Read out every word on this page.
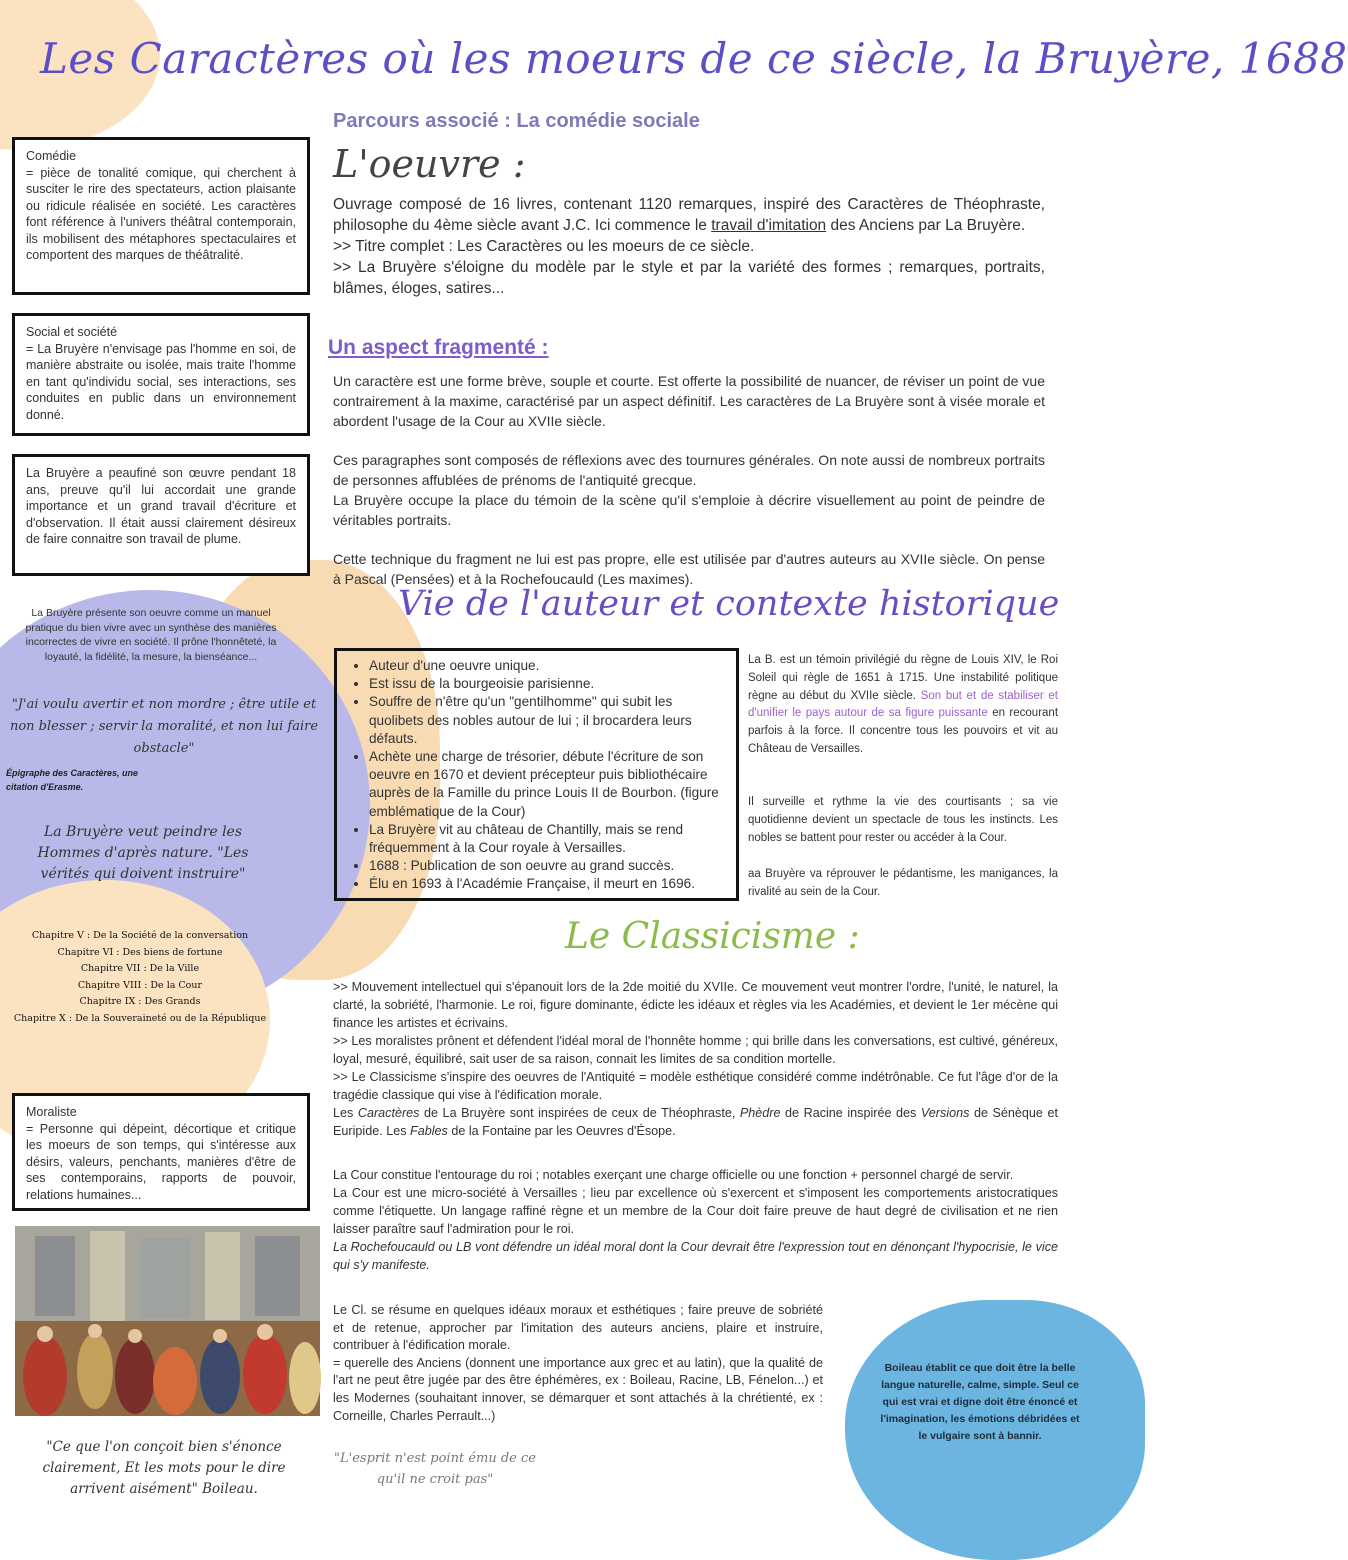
Les Caractères où les moeurs de ce siècle, la Bruyère, 1688
Parcours associé : La comédie sociale
L'oeuvre :
Ouvrage composé de 16 livres, contenant 1120 remarques, inspiré des Caractères de Théophraste, philosophe du 4ème siècle avant J.C. Ici commence le travail d'imitation des Anciens par La Bruyère.
>> Titre complet : Les Caractères ou les moeurs de ce siècle.
>> La Bruyère s'éloigne du modèle par le style et par la variété des formes ; remarques, portraits, blâmes, éloges, satires...
Un aspect fragmenté :
Un caractère est une forme brève, souple et courte. Est offerte la possibilité de nuancer, de réviser un point de vue contrairement à la maxime, caractérisé par un aspect définitif. Les caractères de La Bruyère sont à visée morale et abordent l'usage de la Cour au XVIIe siècle.
Ces paragraphes sont composés de réflexions avec des tournures générales. On note aussi de nombreux portraits de personnes affublées de prénoms de l'antiquité grecque.
La Bruyère occupe la place du témoin de la scène qu'il s'emploie à décrire visuellement au point de peindre de véritables portraits.
Cette technique du fragment ne lui est pas propre, elle est utilisée par d'autres auteurs au XVIIe siècle. On pense à Pascal (Pensées) et à la Rochefoucauld (Les maximes).
Comédie
= pièce de tonalité comique, qui cherchent à susciter le rire des spectateurs, action plaisante ou ridicule réalisée en société. Les caractères font référence à l'univers théâtral contemporain, ils mobilisent des métaphores spectaculaires et comportent des marques de théâtralité.
Social et société
= La Bruyère n'envisage pas l'homme en soi, de manière abstraite ou isolée, mais traite l'homme en tant qu'individu social, ses interactions, ses conduites en public dans un environnement donné.
La Bruyère a peaufiné son œuvre pendant 18 ans, preuve qu'il lui accordait une grande importance et un grand travail d'écriture et d'observation. Il était aussi clairement désireux de faire connaitre son travail de plume.
La Bruyère présente son oeuvre comme un manuel pratique du bien vivre avec un synthèse des manières incorrectes de vivre en société. Il prône l'honnêteté, la loyauté, la fidélité, la mesure, la bienséance...
"J'ai voulu avertir et non mordre ; être utile et non blesser ; servir la moralité, et non lui faire obstacle"
Épigraphe des Caractères, une citation d'Erasme.
La Bruyère veut peindre les Hommes d'après nature. "Les vérités qui doivent instruire"
Chapitre V : De la Société de la conversation
Chapitre VI : Des biens de fortune
Chapitre VII : De la Ville
Chapitre VIII : De la Cour
Chapitre IX : Des Grands
Chapitre X : De la Souveraineté ou de la République
Moraliste
= Personne qui dépeint, décortique et critique les moeurs de son temps, qui s'intéresse aux désirs, valeurs, penchants, manières d'être de ses contemporains, rapports de pouvoir, relations humaines...
"Ce que l'on conçoit bien s'énonce clairement, Et les mots pour le dire arrivent aisément" Boileau.
"L'esprit n'est point ému de ce qu'il ne croit pas"
Vie de l'auteur et contexte historique
• Auteur d'une oeuvre unique.
• Est issu de la bourgeoisie parisienne.
• Souffre de n'être qu'un "gentilhomme" qui subit les quolibets des nobles autour de lui ; il brocardera leurs défauts.
• Achète une charge de trésorier, débute l'écriture de son oeuvre en 1670 et devient précepteur puis bibliothécaire auprès de la Famille du prince Louis II de Bourbon. (figure emblématique de la Cour)
• La Bruyère vit au château de Chantilly, mais se rend fréquemment à la Cour royale à Versailles.
• 1688 : Publication de son oeuvre au grand succès.
• Élu en 1693 à l'Académie Française, il meurt en 1696.
La B. est un témoin privilégié du règne de Louis XIV, le Roi Soleil qui règle de 1651 à 1715. Une instabilité politique règne au début du XVIIe siècle. Son but et de stabiliser et d'unifier le pays autour de sa figure puissante en recourant parfois à la force. Il concentre tous les pouvoirs et vit au Château de Versailles.
Il surveille et rythme la vie des courtisants ; sa vie quotidienne devient un spectacle de tous les instincts. Les nobles se battent pour rester ou accéder à la Cour.
aa Bruyère va réprouver le pédantisme, les manigances, la rivalité au sein de la Cour.
Le Classicisme :
>> Mouvement intellectuel qui s'épanouit lors de la 2de moitié du XVIIe. Ce mouvement veut montrer l'ordre, l'unité, le naturel, la clarté, la sobriété, l'harmonie. Le roi, figure dominante, édicte les idéaux et règles via les Académies, et devient le 1er mécène qui finance les artistes et écrivains.
>> Les moralistes prônent et défendent l'idéal moral de l'honnête homme ; qui brille dans les conversations, est cultivé, généreux, loyal, mesuré, équilibré, sait user de sa raison, connait les limites de sa condition mortelle.
>> Le Classicisme s'inspire des oeuvres de l'Antiquité = modèle esthétique considéré comme indétrônable. Ce fut l'âge d'or de la tragédie classique qui vise à l'édification morale.
Les Caractères de La Bruyère sont inspirées de ceux de Théophraste, Phèdre de Racine inspirée des Versions de Sénèque et Euripide. Les Fables de la Fontaine par les Oeuvres d'Ésope.
La Cour constitue l'entourage du roi ; notables exerçant une charge officielle ou une fonction + personnel chargé de servir.
La Cour est une micro-société à Versailles ; lieu par excellence où s'exercent et s'imposent les comportements aristocratiques comme l'étiquette. Un langage raffiné règne et un membre de la Cour doit faire preuve de haut degré de civilisation et ne rien laisser paraître sauf l'admiration pour le roi.
La Rochefoucauld ou LB vont défendre un idéal moral dont la Cour devrait être l'expression tout en dénonçant l'hypocrisie, le vice qui s'y manifeste.
Le Cl. se résume en quelques idéaux moraux et esthétiques ; faire preuve de sobriété et de retenue, approcher par l'imitation des auteurs anciens, plaire et instruire, contribuer à l'édification morale.
= querelle des Anciens (donnent une importance aux grec et au latin), que la qualité de l'art ne peut être jugée par des être éphémères, ex : Boileau, Racine, LB, Fénelon...) et les Modernes (souhaitant innover, se démarquer et sont attachés à la chrétienté, ex : Corneille, Charles Perrault...)
Boileau établit ce que doit être la belle langue naturelle, calme, simple. Seul ce qui est vrai et digne doit être énoncé et l'imagination, les émotions débridées et le vulgaire sont à bannir.
